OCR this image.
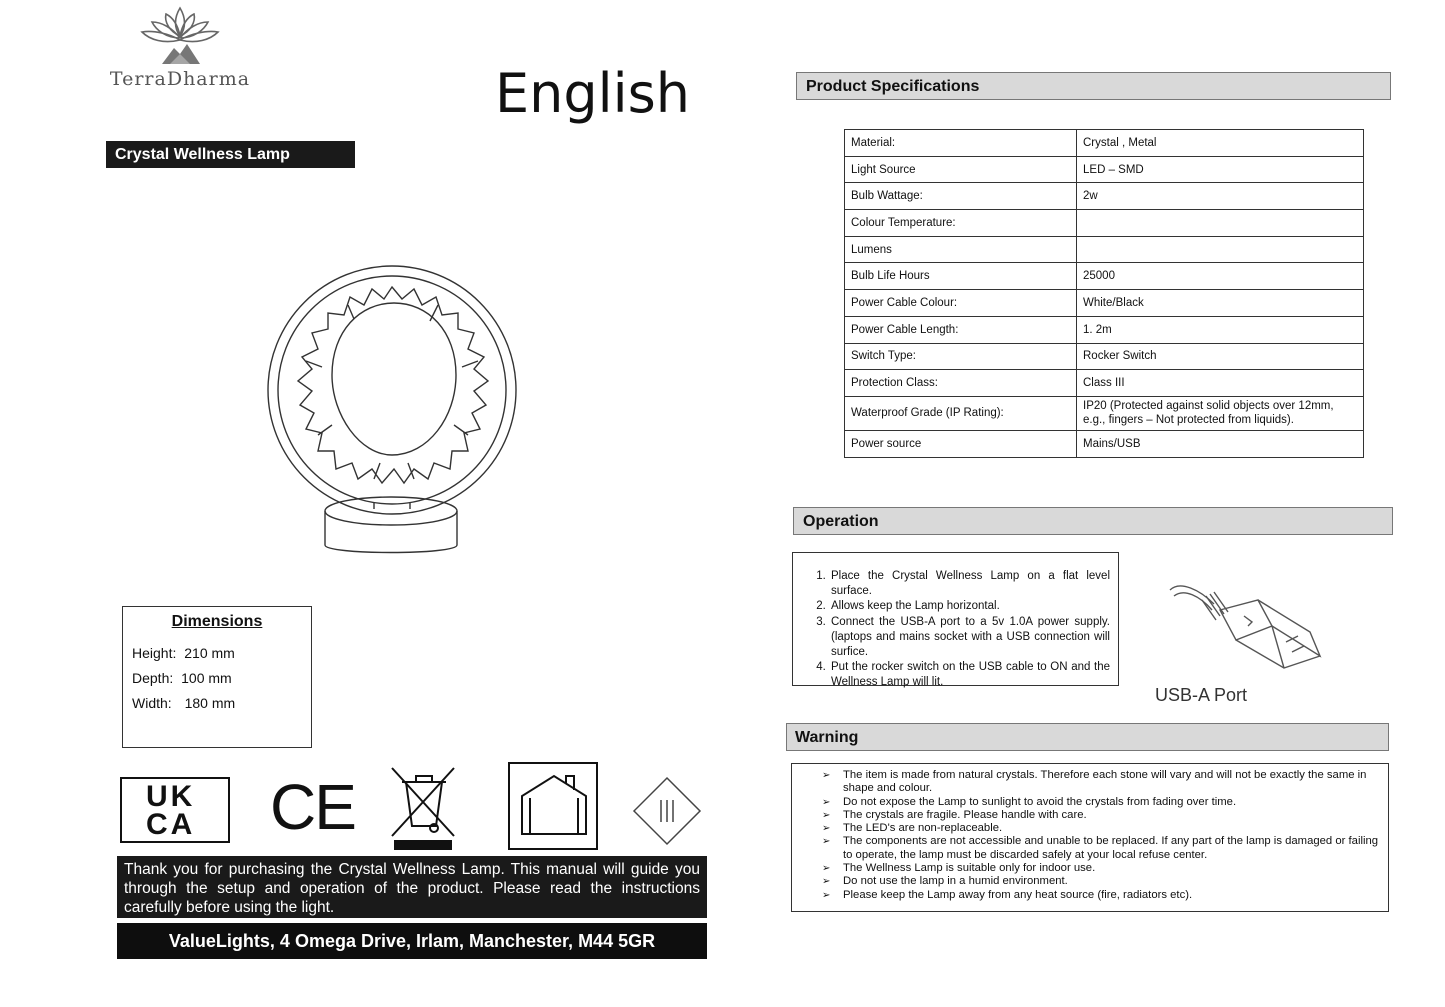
TerraDharma	English
Crystal Wellness Lamp
Dimensions
Height: 210 mm
Depth: 100 mm
Width: 180 mm
UK
CA CE
Thank you for purchasing the Crystal Wellness Lamp. This manual will guide you through the setup and operation of the product. Please read the instructions carefully before using the light.
ValueLights, 4 Omega Drive, Irlam, Manchester, M44 5GR
Product Specifications
Material:	Crystal , Metal
Light Source	LED – SMD
Bulb Wattage:	2w
Colour Temperature:	
Lumens	
Bulb Life Hours	25000
Power Cable Colour:	White/Black
Power Cable Length:	1. 2m
Switch Type:	Rocker Switch
Protection Class:	Class III
Waterproof Grade (IP Rating):	IP20 (Protected against solid objects over 12mm, e.g., fingers – Not protected from liquids).
Power source	Mains/USB
Operation
1. Place the Crystal Wellness Lamp on a flat level surface.
2. Allows keep the Lamp horizontal.
3. Connect the USB-A port to a 5v 1.0A power supply. (laptops and mains socket with a USB connection will surfice.
4. Put the rocker switch on the USB cable to ON and the Wellness Lamp will lit.
USB-A Port
Warning
➢ The item is made from natural crystals. Therefore each stone will vary and will not be exactly the same in shape and colour.
➢ Do not expose the Lamp to sunlight to avoid the crystals from fading over time.
➢ The crystals are fragile. Please handle with care.
➢ The LED's are non-replaceable.
➢ The components are not accessible and unable to be replaced. If any part of the lamp is damaged or failing to operate, the lamp must be discarded safely at your local refuse center.
➢ The Wellness Lamp is suitable only for indoor use.
➢ Do not use the lamp in a humid environment.
➢ Please keep the Lamp away from any heat source (fire, radiators etc).
